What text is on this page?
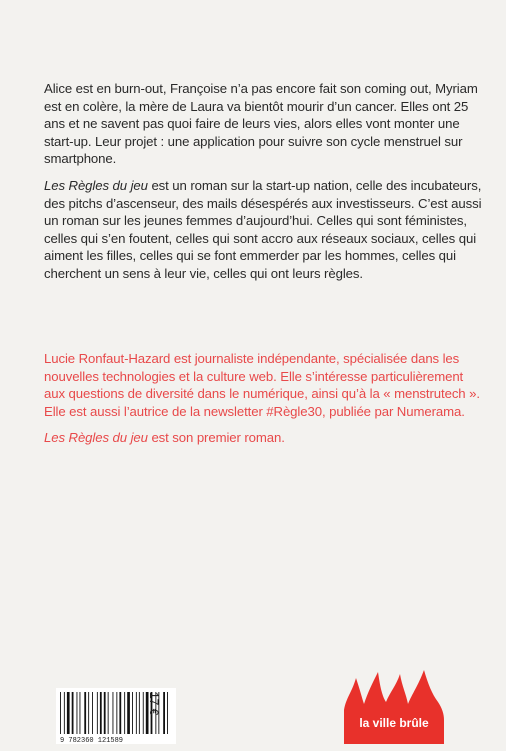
Alice est en burn-out, Françoise n’a pas encore fait son coming out, Myriam est en colère, la mère de Laura va bientôt mourir d’un cancer. Elles ont 25 ans et ne savent pas quoi faire de leurs vies, alors elles vont monter une start-up. Leur projet : une application pour suivre son cycle menstruel sur smartphone.

Les Règles du jeu est un roman sur la start-up nation, celle des incubateurs, des pitchs d’ascenseur, des mails désespérés aux investisseurs. C’est aussi un roman sur les jeunes femmes d’aujourd’hui. Celles qui sont féministes, celles qui s’en foutent, celles qui sont accro aux réseaux sociaux, celles qui aiment les filles, celles qui se font emmerder par les hommes, celles qui cherchent un sens à leur vie, celles qui ont leurs règles.

Lucie Ronfaut-Hazard est journaliste indépendante, spécialisée dans les nouvelles technologies et la culture web. Elle s’intéresse particulièrement aux questions de diversité dans le numérique, ainsi qu’à la « menstrutech ». Elle est aussi l’autrice de la newsletter #Règle30, publiée par Numerama.

Les Règles du jeu est son premier roman.

9 782360 121589
17 €
la ville brûle
